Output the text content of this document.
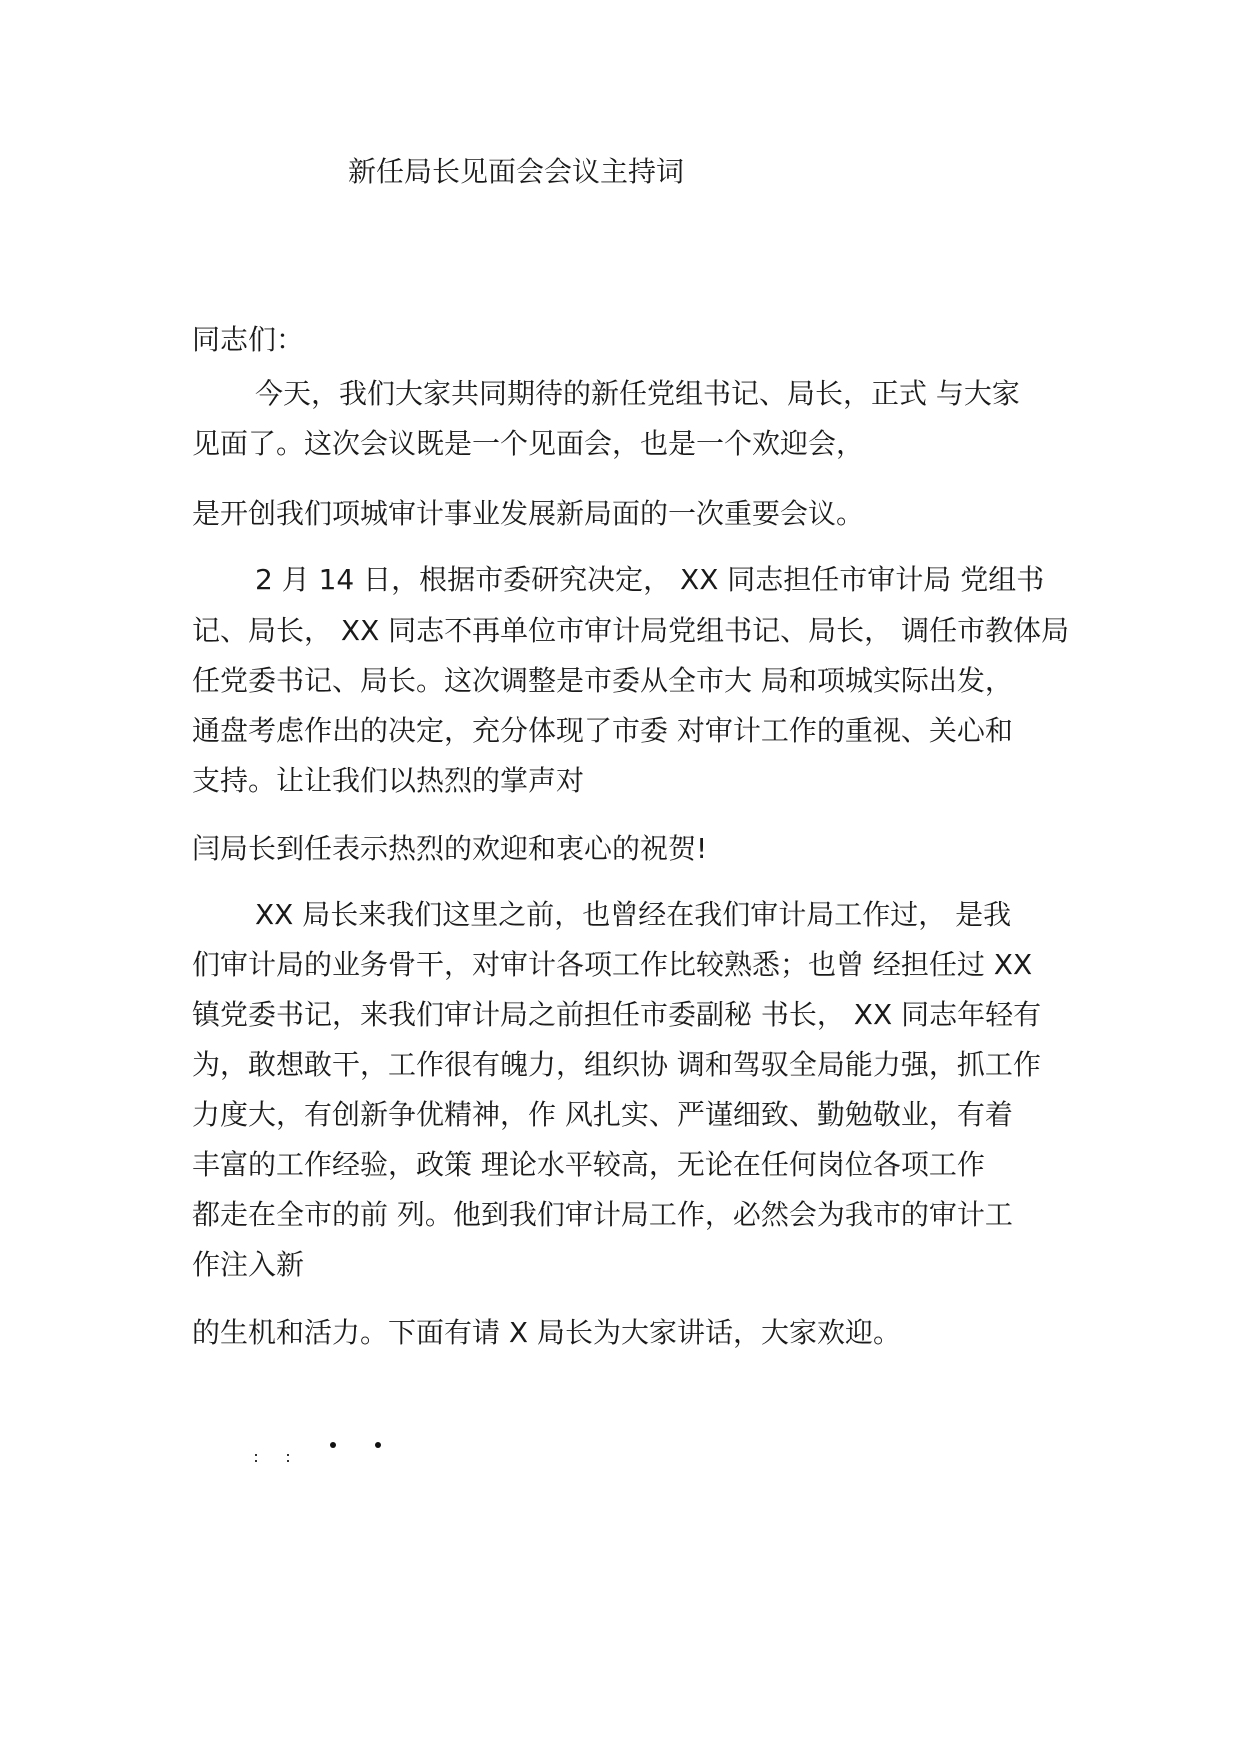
新任局长见面会会议主持词
同志们：
今天，我们大家共同期待的新任党组书记、局长，正式 与大家
见面了。这次会议既是一个见面会，也是一个欢迎会，
是开创我们项城审计事业发展新局面的一次重要会议。
2 月 14 日，根据市委研究决定， XX 同志担任市审计局 党组书
记、局长， XX 同志不再单位市审计局党组书记、局长， 调任市教体局
任党委书记、局长。这次调整是市委从全市大 局和项城实际出发，
通盘考虑作出的决定，充分体现了市委 对审计工作的重视、关心和
支持。让让我们以热烈的掌声对
闫局长到任表示热烈的欢迎和衷心的祝贺!
XX 局长来我们这里之前，也曾经在我们审计局工作过， 是我
们审计局的业务骨干，对审计各项工作比较熟悉；也曾 经担任过 XX
镇党委书记，来我们审计局之前担任市委副秘 书长， XX 同志年轻有
为，敢想敢干，工作很有魄力，组织协 调和驾驭全局能力强，抓工作
力度大，有创新争优精神，作 风扎实、严谨细致、勤勉敬业，有着
丰富的工作经验，政策 理论水平较高，无论在任何岗位各项工作
都走在全市的前 列。他到我们审计局工作，必然会为我市的审计工
作注入新
的生机和活力。下面有请 X 局长为大家讲话，大家欢迎。
